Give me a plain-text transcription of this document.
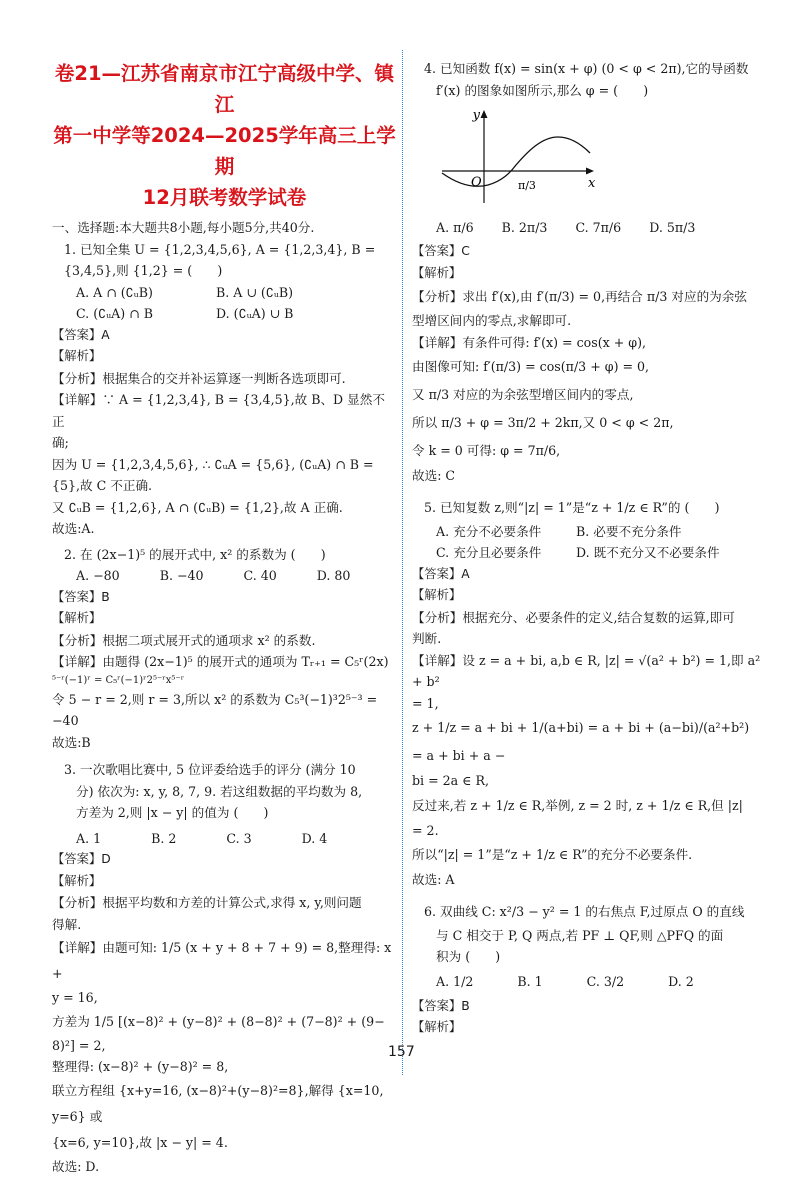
卷21—江苏省南京市江宁高级中学、镇江
第一中学等2024—2025学年高三上学期
12月联考数学试卷

一、选择题:本大题共8小题,每小题5分,共40分.

1. 已知全集 U = {1,2,3,4,5,6}, A = {1,2,3,4}, B =

{3,4,5},则 {1,2} = (　　)

A. A ∩ (∁ᵤB)	B. A ∪ (∁ᵤB)
C. (∁ᵤA) ∩ B	D. (∁ᵤA) ∪ B

【答案】A

【解析】

【分析】根据集合的交并补运算逐一判断各选项即可.

【详解】∵ A = {1,2,3,4}, B = {3,4,5},故 B、D 显然不正

确;

因为 U = {1,2,3,4,5,6}, ∴ ∁ᵤA = {5,6}, (∁ᵤA) ∩ B =

{5},故 C 不正确.

又 ∁ᵤB = {1,2,6}, A ∩ (∁ᵤB) = {1,2},故 A 正确.

故选:A.

2. 在 (2x−1)⁵ 的展开式中, x² 的系数为 (　　)

A. −80	B. −40	C. 40	D. 80

【答案】B

【解析】

【分析】根据二项式展开式的通项求 x² 的系数.

【详解】由题得 (2x−1)⁵ 的展开式的通项为 Tᵣ₊₁ = C₅ʳ(2x)

⁵⁻ʳ(−1)ʳ = C₅ʳ(−1)ʳ2⁵⁻ʳx⁵⁻ʳ

令 5 − r = 2,则 r = 3,所以 x² 的系数为 C₅³(−1)³2⁵⁻³ = −40

故选:B

3. 一次歌唱比赛中, 5 位评委给选手的评分 (满分 10

分) 依次为: x, y, 8, 7, 9. 若这组数据的平均数为 8,

方差为 2,则 |x − y| 的值为 (　　)

A. 1	B. 2	C. 3	D. 4

【答案】D

【解析】

【分析】根据平均数和方差的计算公式,求得 x, y,则问题

得解.

【详解】由题可知: 1/5 (x + y + 8 + 7 + 9) = 8,整理得: x +

y = 16,

方差为 1/5 [(x−8)² + (y−8)² + (8−8)² + (7−8)² + (9−

8)²] = 2,

整理得: (x−8)² + (y−8)² = 8,

联立方程组 {x+y=16, (x−8)²+(y−8)²=8},解得 {x=10, y=6} 或

{x=6, y=10},故 |x − y| = 4.

故选: D.

4. 已知函数 f(x) = sin(x + φ) (0 < φ < 2π),它的导函数

f′(x) 的图象如图所示,那么 φ = (　　)

y
x
O	π/3
A. π/6 B. 2π/3 C. 7π/6 D. 5π/3

【答案】C

【解析】

【分析】求出 f′(x),由 f′(π/3) = 0,再结合 π/3 对应的为余弦

型增区间内的零点,求解即可.

【详解】有条件可得: f′(x) = cos(x + φ),

由图像可知: f′(π/3) = cos(π/3 + φ) = 0,

又 π/3 对应的为余弦型增区间内的零点,

所以 π/3 + φ = 3π/2 + 2kπ,又 0 < φ < 2π,

令 k = 0 可得: φ = 7π/6,

故选: C

5. 已知复数 z,则“|z| = 1”是“z + 1/z ∈ R”的 (　　)

A. 充分不必要条件	B. 必要不充分条件
C. 充分且必要条件	D. 既不充分又不必要条件

【答案】A

【解析】

【分析】根据充分、必要条件的定义,结合复数的运算,即可

判断.

【详解】设 z = a + bi, a,b ∈ R, |z| = √(a² + b²) = 1,即 a² + b²

= 1,

z + 1/z = a + bi + 1/(a+bi) = a + bi + (a−bi)/(a²+b²) = a + bi + a −

bi = 2a ∈ R,

反过来,若 z + 1/z ∈ R,举例, z = 2 时, z + 1/z ∈ R,但 |z|

= 2.

所以“|z| = 1”是“z + 1/z ∈ R”的充分不必要条件.

故选: A

6. 双曲线 C: x²/3 − y² = 1 的右焦点 F,过原点 O 的直线

与 C 相交于 P, Q 两点,若 PF ⊥ QF,则 △PFQ 的面

积为 (　　)

A. 1/2	B. 1	C. 3/2	D. 2

【答案】B

【解析】

157
